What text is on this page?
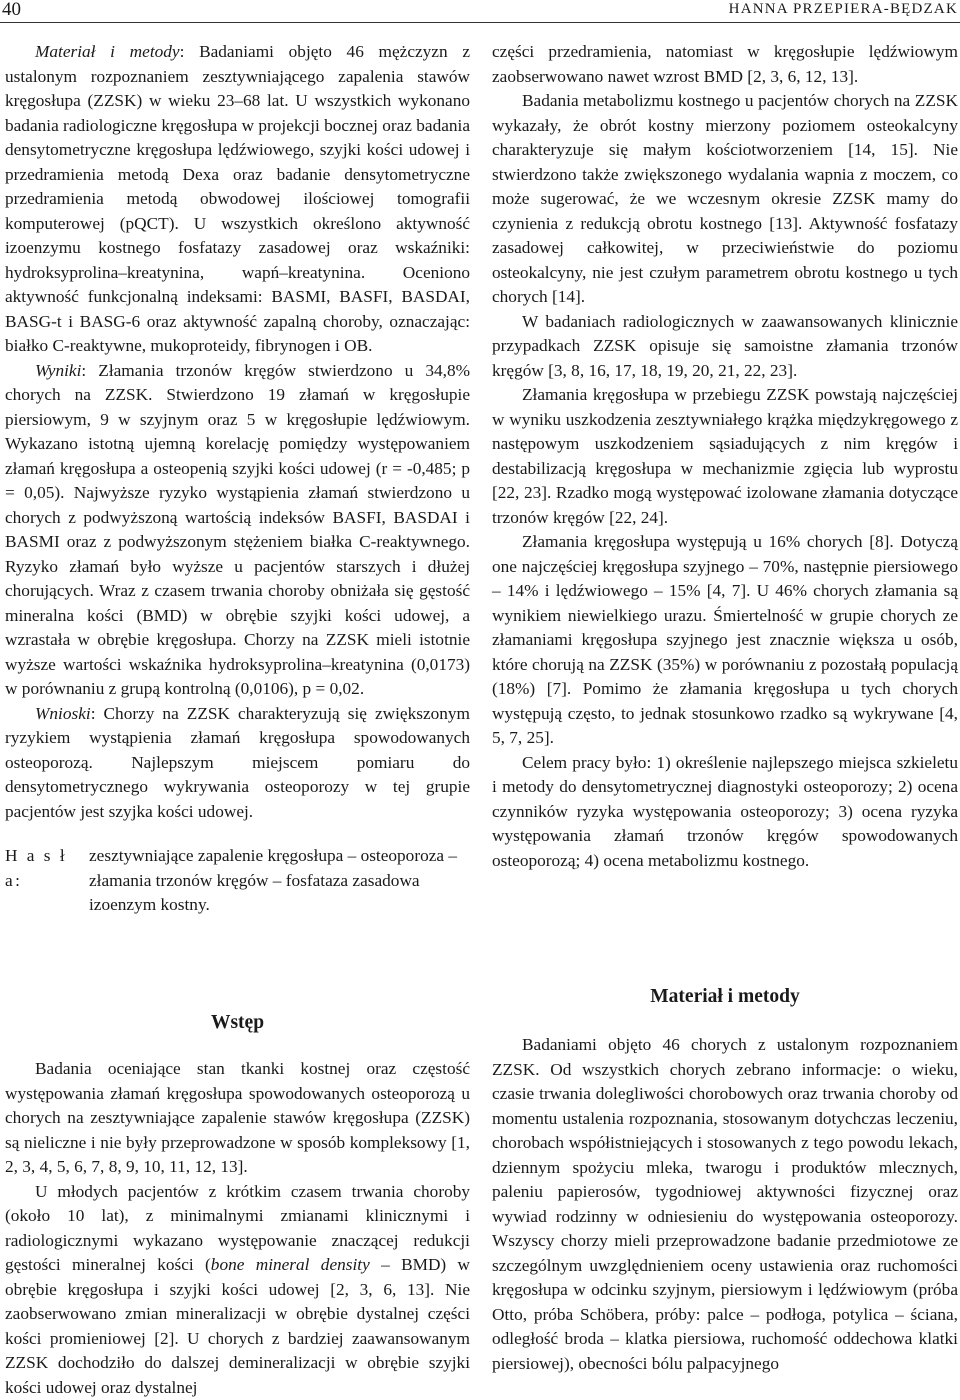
40	HANNA PRZEPIERA-BĘDZAK

Materiał i metody: Badaniami objęto 46 mężczyzn z ustalonym rozpoznaniem zesztywniającego zapalenia stawów kręgosłupa (ZZSK) w wieku 23–68 lat. U wszystkich wykonano badania radiologiczne kręgosłupa w projekcji bocznej oraz badania densytometryczne kręgosłupa lędźwiowego, szyjki kości udowej i przedramienia metodą Dexa oraz badanie densytometryczne przedramienia metodą obwodowej ilościowej tomografii komputerowej (pQCT). U wszystkich określono aktywność izoenzymu kostnego fosfatazy zasadowej oraz wskaźniki: hydroksyprolina–kreatynina, wapń–kreatynina. Oceniono aktywność funkcjonalną indeksami: BASMI, BASFI, BASDAI, BASG-t i BASG-6 oraz aktywność zapalną choroby, oznaczając: białko C-reaktywne, mukoproteidy, fibrynogen i OB.

Wyniki: Złamania trzonów kręgów stwierdzono u 34,8% chorych na ZZSK. Stwierdzono 19 złamań w kręgosłupie piersiowym, 9 w szyjnym oraz 5 w kręgosłupie lędźwiowym. Wykazano istotną ujemną korelację pomiędzy występowaniem złamań kręgosłupa a osteopenią szyjki kości udowej (r = -0,485; p = 0,05). Najwyższe ryzyko wystąpienia złamań stwierdzono u chorych z podwyższoną wartością indeksów BASFI, BASDAI i BASMI oraz z podwyższonym stężeniem białka C-reaktywnego. Ryzyko złamań było wyższe u pacjentów starszych i dłużej chorujących. Wraz z czasem trwania choroby obniżała się gęstość mineralna kości (BMD) w obrębie szyjki kości udowej, a wzrastała w obrębie kręgosłupa. Chorzy na ZZSK mieli istotnie wyższe wartości wskaźnika hydroksyprolina–kreatynina (0,0173) w porównaniu z grupą kontrolną (0,0106), p = 0,02.

Wnioski: Chorzy na ZZSK charakteryzują się zwiększonym ryzykiem wystąpienia złamań kręgosłupa spowodowanych osteoporozą. Najlepszym miejscem pomiaru do densytometrycznego wykrywania osteoporozy w tej grupie pacjentów jest szyjka kości udowej.

H a s ł a:
zesztywniające zapalenie kręgosłupa – osteoporoza – złamania trzonów kręgów – fosfataza zasadowa izoenzym kostny.
Wstęp

Badania oceniające stan tkanki kostnej oraz częstość występowania złamań kręgosłupa spowodowanych osteoporozą u chorych na zesztywniające zapalenie stawów kręgosłupa (ZZSK) są nieliczne i nie były przeprowadzone w sposób kompleksowy [1, 2, 3, 4, 5, 6, 7, 8, 9, 10, 11, 12, 13].

U młodych pacjentów z krótkim czasem trwania choroby (około 10 lat), z minimalnymi zmianami klinicznymi i radiologicznymi wykazano występowanie znaczącej redukcji gęstości mineralnej kości (bone mineral density – BMD) w obrębie kręgosłupa i szyjki kości udowej [2, 3, 6, 13]. Nie zaobserwowano zmian mineralizacji w obrębie dystalnej części kości promieniowej [2]. U chorych z bardziej zaawansowanym ZZSK dochodziło do dalszej demineralizacji w obrębie szyjki kości udowej oraz dystalnej

części przedramienia, natomiast w kręgosłupie lędźwiowym zaobserwowano nawet wzrost BMD [2, 3, 6, 12, 13].

Badania metabolizmu kostnego u pacjentów chorych na ZZSK wykazały, że obrót kostny mierzony poziomem osteokalcyny charakteryzuje się małym kościotworzeniem [14, 15]. Nie stwierdzono także zwiększonego wydalania wapnia z moczem, co może sugerować, że we wczesnym okresie ZZSK mamy do czynienia z redukcją obrotu kostnego [13]. Aktywność fosfatazy zasadowej całkowitej, w przeciwieństwie do poziomu osteokalcyny, nie jest czułym parametrem obrotu kostnego u tych chorych [14].

W badaniach radiologicznych w zaawansowanych klinicznie przypadkach ZZSK opisuje się samoistne złamania trzonów kręgów [3, 8, 16, 17, 18, 19, 20, 21, 22, 23].

Złamania kręgosłupa w przebiegu ZZSK powstają najczęściej w wyniku uszkodzenia zesztywniałego krążka międzykręgowego z następowym uszkodzeniem sąsiadujących z nim kręgów i destabilizacją kręgosłupa w mechanizmie zgięcia lub wyprostu [22, 23]. Rzadko mogą występować izolowane złamania dotyczące trzonów kręgów [22, 24].

Złamania kręgosłupa występują u 16% chorych [8]. Dotyczą one najczęściej kręgosłupa szyjnego – 70%, następnie piersiowego – 14% i lędźwiowego – 15% [4, 7]. U 46% chorych złamania są wynikiem niewielkiego urazu. Śmiertelność w grupie chorych ze złamaniami kręgosłupa szyjnego jest znacznie większa u osób, które chorują na ZZSK (35%) w porównaniu z pozostałą populacją (18%) [7]. Pomimo że złamania kręgosłupa u tych chorych występują często, to jednak stosunkowo rzadko są wykrywane [4, 5, 7, 25].

Celem pracy było: 1) określenie najlepszego miejsca szkieletu i metody do densytometrycznej diagnostyki osteoporozy; 2) ocena czynników ryzyka występowania osteoporozy; 3) ocena ryzyka występowania złamań trzonów kręgów spowodowanych osteoporozą; 4) ocena metabolizmu kostnego.

Materiał i metody

Badaniami objęto 46 chorych z ustalonym rozpoznaniem ZZSK. Od wszystkich chorych zebrano informacje: o wieku, czasie trwania dolegliwości chorobowych oraz trwania choroby od momentu ustalenia rozpoznania, stosowanym dotychczas leczeniu, chorobach współistniejących i stosowanych z tego powodu lekach, dziennym spożyciu mleka, twarogu i produktów mlecznych, paleniu papierosów, tygodniowej aktywności fizycznej oraz wywiad rodzinny w odniesieniu do występowania osteoporozy. Wszyscy chorzy mieli przeprowadzone badanie przedmiotowe ze szczególnym uwzględnieniem oceny ustawienia oraz ruchomości kręgosłupa w odcinku szyjnym, piersiowym i lędźwiowym (próba Otto, próba Schöbera, próby: palce – podłoga, potylica – ściana, odległość broda – klatka piersiowa, ruchomość oddechowa klatki piersiowej), obecności bólu palpacyjnego
